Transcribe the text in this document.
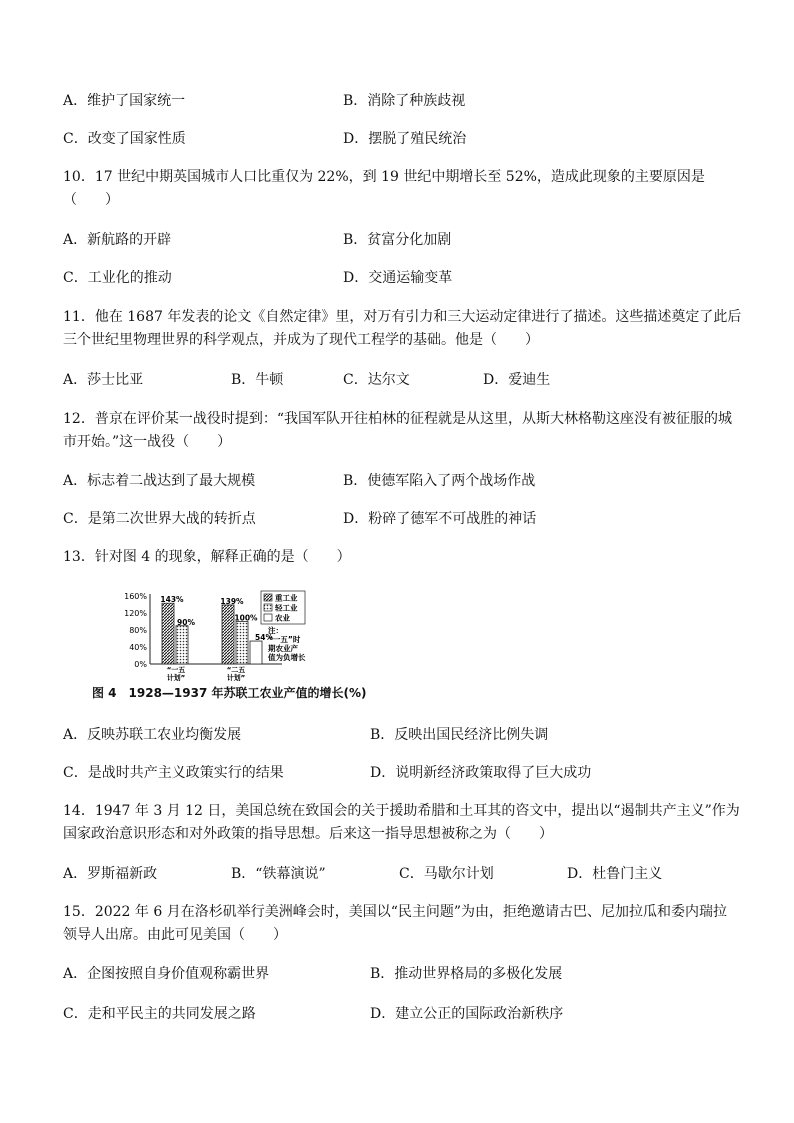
A．维护了国家统一	B．消除了种族歧视
C．改变了国家性质	D．摆脱了殖民统治
10．17 世纪中期英国城市人口比重仅为 22%，到 19 世纪中期增长至 52%，造成此现象的主要原因是
（　　）
A．新航路的开辟	B．贫富分化加剧
C．工业化的推动	D．交通运输变革
11．他在 1687 年发表的论文《自然定律》里，对万有引力和三大运动定律进行了描述。这些描述奠定了此后
三个世纪里物理世界的科学观点，并成为了现代工程学的基础。他是（　　）
A．莎士比亚	B．牛顿	C．达尔文	D．爱迪生
12．普京在评价某一战役时提到：“我国军队开往柏林的征程就是从这里，从斯大林格勒这座没有被征服的城
市开始。”这一战役（　　）
A．标志着二战达到了最大规模	B．使德军陷入了两个战场作战
C．是第二次世界大战的转折点	D．粉碎了德军不可战胜的神话
13．针对图 4 的现象，解释正确的是（　　）
160%
120%
80%
40%
0%
143%
90%
“一五
计划”
139%
100%
54%
“二五
计划”
重工业
轻工业
农业
注：
“一五”时
期农业产
值为负增长
图 4　1928—1937 年苏联工农业产值的增长(%)
A．反映苏联工农业均衡发展	B．反映出国民经济比例失调
C．是战时共产主义政策实行的结果	D．说明新经济政策取得了巨大成功
14．1947 年 3 月 12 日，美国总统在致国会的关于援助希腊和土耳其的咨文中，提出以“遏制共产主义”作为
国家政治意识形态和对外政策的指导思想。后来这一指导思想被称之为（　　）
A．罗斯福新政	B．“铁幕演说”	C．马歇尔计划	D．杜鲁门主义
15．2022 年 6 月在洛杉矶举行美洲峰会时，美国以“民主问题”为由，拒绝邀请古巴、尼加拉瓜和委内瑞拉
领导人出席。由此可见美国（　　）
A．企图按照自身价值观称霸世界	B．推动世界格局的多极化发展
C．走和平民主的共同发展之路	D．建立公正的国际政治新秩序
